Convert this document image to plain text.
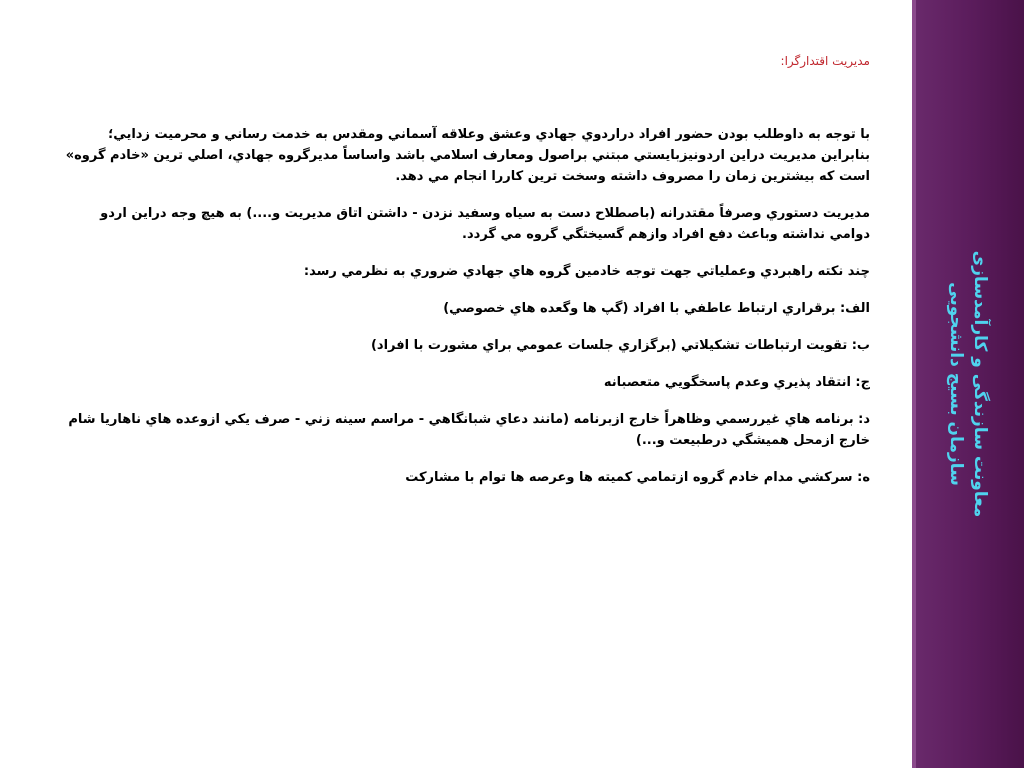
مديريت اقتدارگرا:
با توجه به داوطلب بودن حضور افراد دراردوي جهادي وعشق وعلاقه آسماني ومقدس به خدمت رساني و محرميت زدايي؛ بنابراين مديريت دراين اردونيزبايستي مبتني براصول ومعارف اسلامي باشد واساساً مديرگروه جهادي، اصلي ترين «خادم گروه» است كه بيشترين زمان را مصروف داشته وسخت ترين كاررا انجام مي دهد.
مديريت دستوري وصرفاً مقتدرانه (باصطلاح دست به سياه وسفيد نزدن - داشتن اتاق مديريت و....) به هيچ وجه دراين اردو دوامي نداشته وباعث دفع افراد وازهم گسيختگي گروه مي گردد.
چند نكته راهبردي وعملياتي جهت توجه خادمين گروه هاي جهادي ضروري به نظرمي رسد:
الف: برقراري ارتباط عاطفي با افراد (گپ ها وگعده هاي خصوصي)
ب: تقويت ارتباطات تشكيلاتي (برگزاري جلسات عمومي براي مشورت با افراد)
ج: انتقاد پذيري وعدم پاسخگويي متعصبانه
د: برنامه هاي غيررسمي وظاهراً خارج ازبرنامه (مانند دعاي شبانگاهي - مراسم سينه زني - صرف يكي ازوعده هاي ناهاريا شام خارج ازمحل هميشگي درطبيعت و...)
ه: سركشي مدام خادم گروه ازتمامي كميته ها وعرصه ها توام با مشاركت	معاونت سازندگی و كارآمدسازی
سازمان بسيج دانشجويی
